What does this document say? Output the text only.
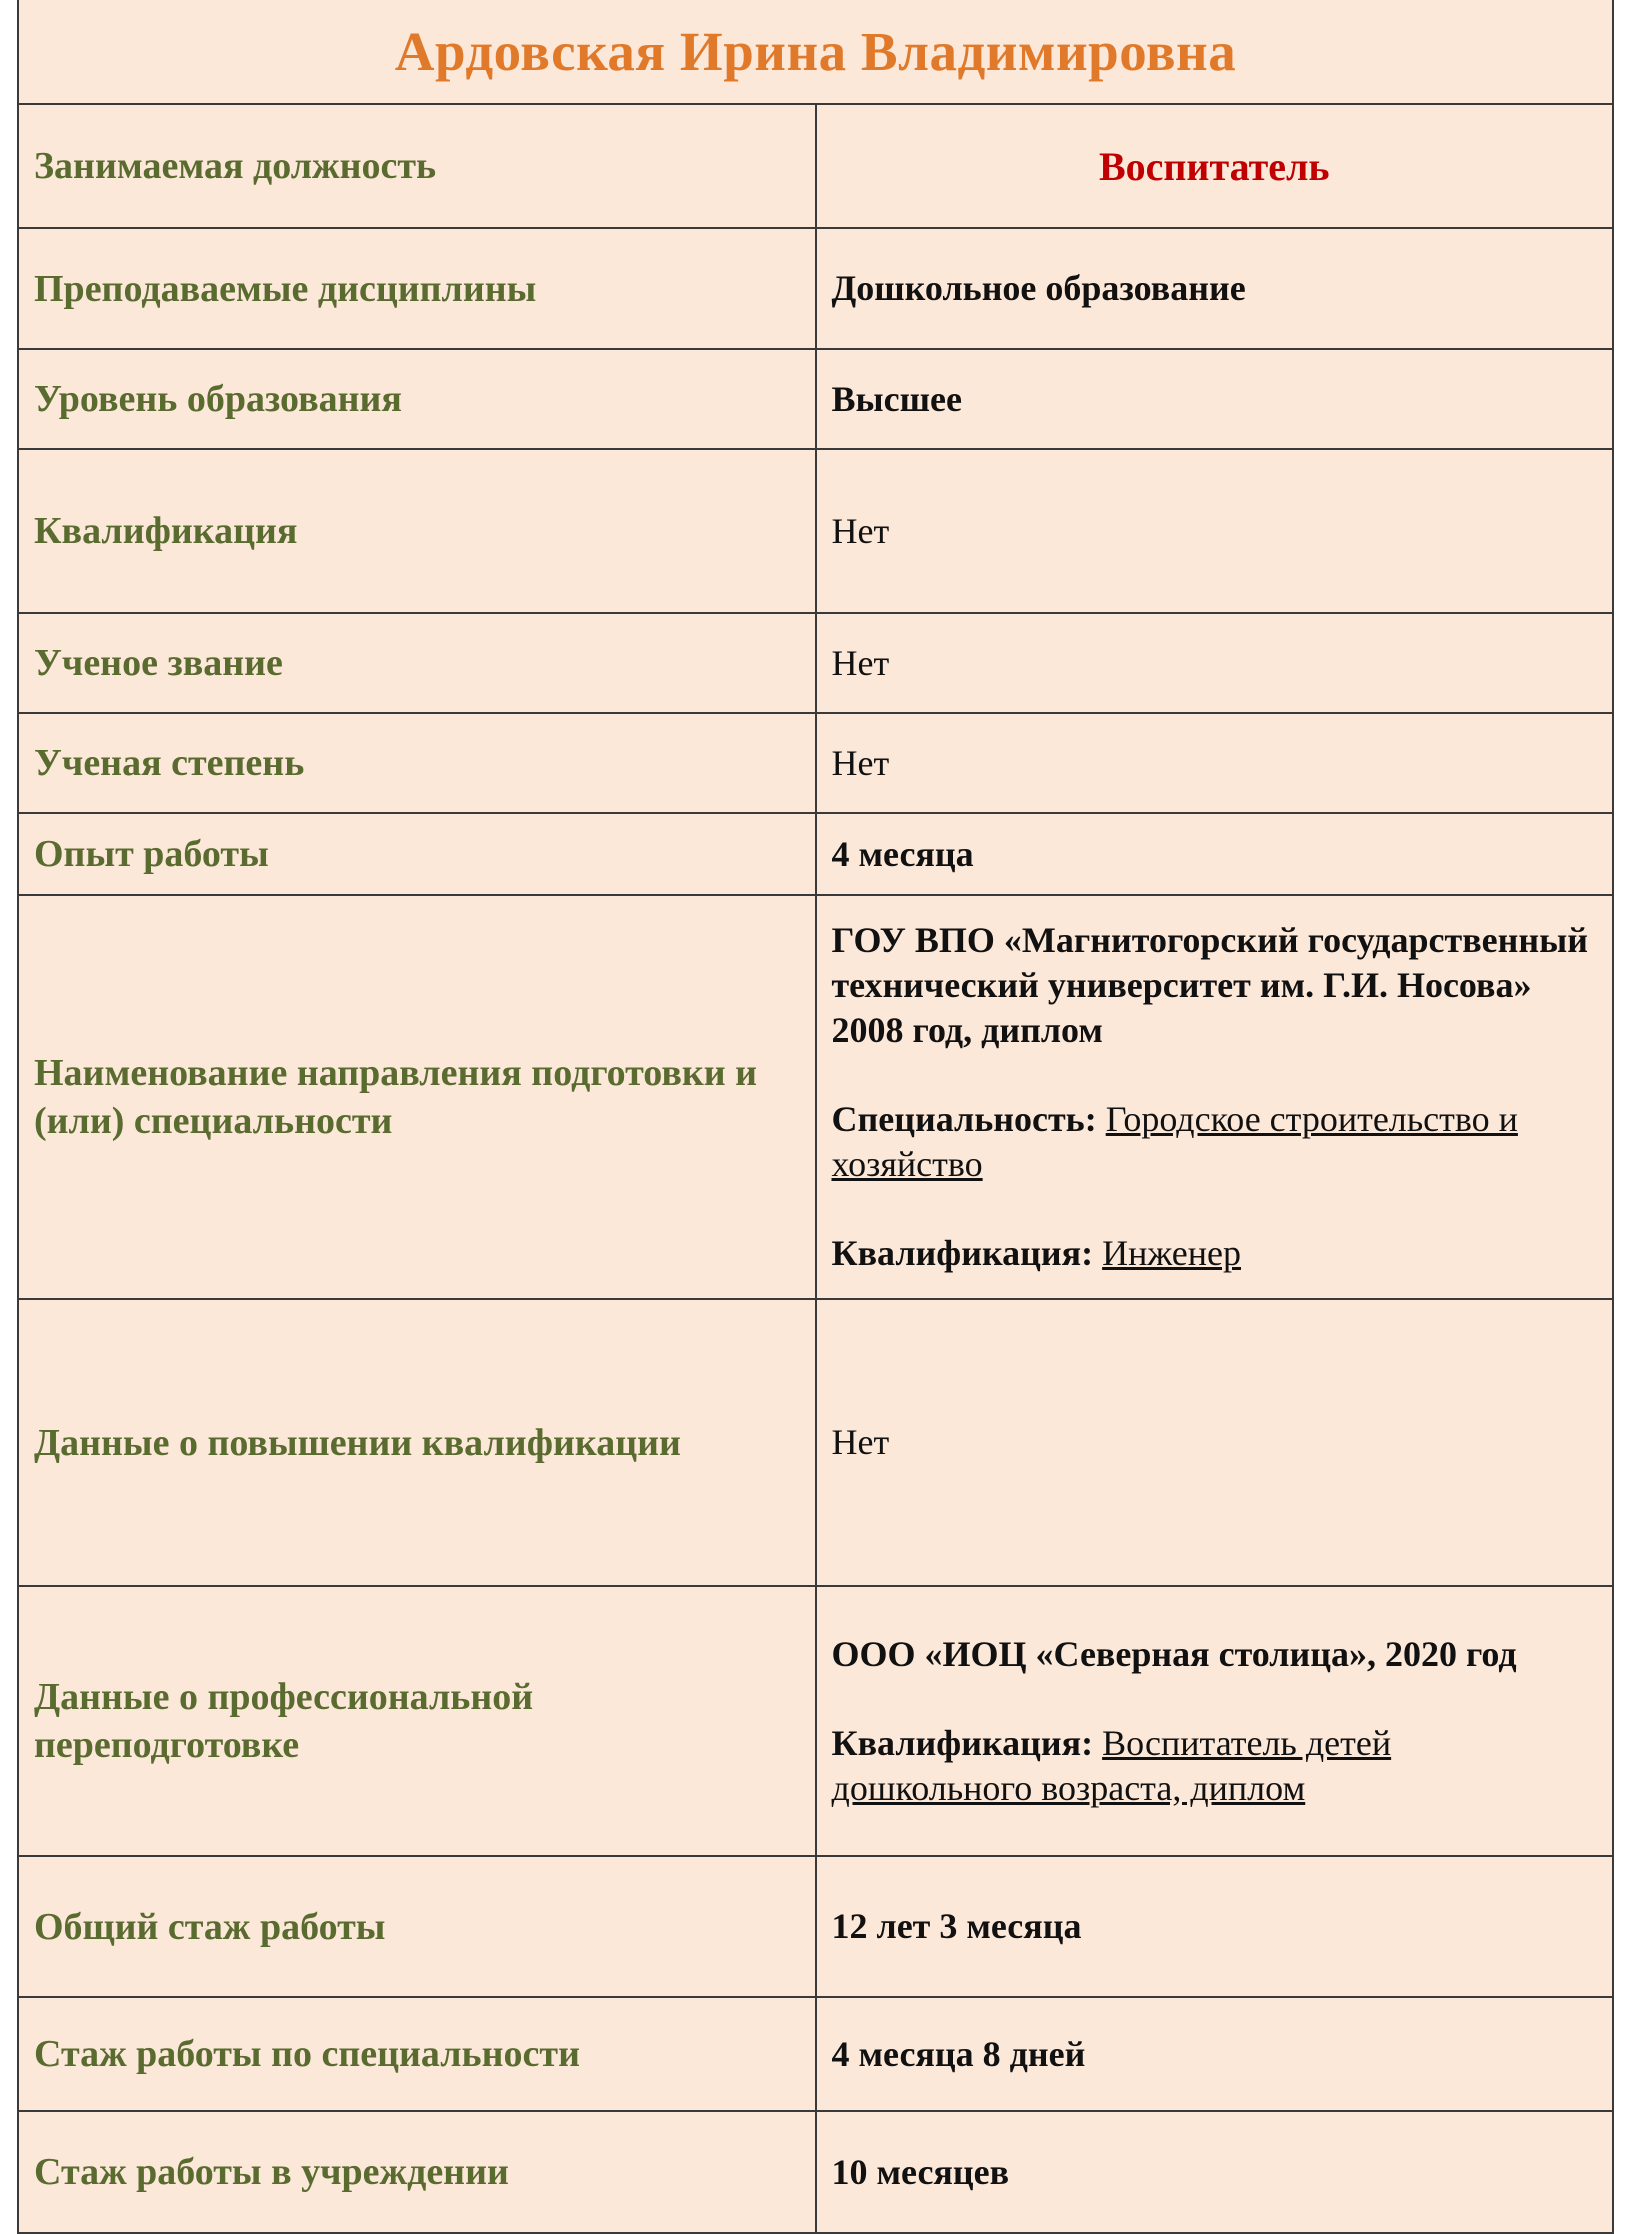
Ардовская Ирина Владимировна	
Занимаемая должность	Воспитатель

Преподаваемые дисциплины	Дошкольное образование
Уровень образования	Высшее
Квалификация	Нет
Ученое звание	Нет
Ученая степень	Нет
Опыт работы	4 месяца
Наименование направления подготовки и (или) специальности	ГОУ ВПО «Магнитогорский государственный технический университет им. Г.И. Носова» 2008 год, диплом
Специальность: Городское строительство и хозяйство
Квалификация: Инженер

Данные о повышении квалификации	Нет
Данные о профессиональной переподготовке	ООО «ИОЦ «Северная столица», 2020 год
Квалификация: Воспитатель детей дошкольного возраста, диплом

Общий стаж работы	12 лет 3 месяца
Стаж работы по специальности	4 месяца 8 дней
Стаж работы в учреждении	10 месяцев
